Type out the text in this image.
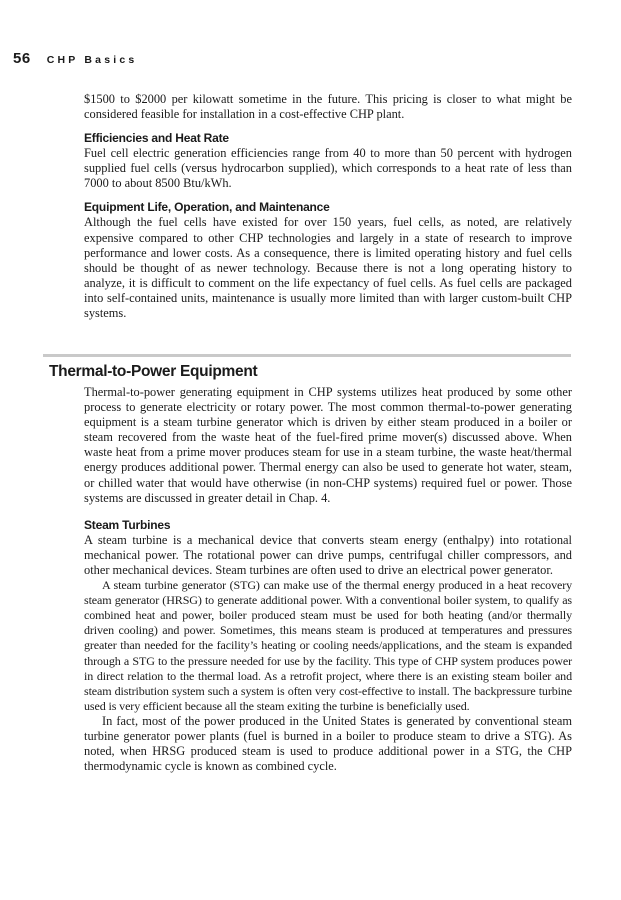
56 CHP Basics

$1500 to $2000 per kilowatt sometime in the future. This pricing is closer to what might be considered feasible for installation in a cost-effective CHP plant.

Efficiencies and Heat Rate

Fuel cell electric generation efficiencies range from 40 to more than 50 percent with hydrogen supplied fuel cells (versus hydrocarbon supplied), which corresponds to a heat rate of less than 7000 to about 8500 Btu/kWh.

Equipment Life, Operation, and Maintenance

Although the fuel cells have existed for over 150 years, fuel cells, as noted, are relatively expensive compared to other CHP technologies and largely in a state of research to improve performance and lower costs. As a consequence, there is limited operating history and fuel cells should be thought of as newer technology. Because there is not a long operating history to analyze, it is difficult to comment on the life expectancy of fuel cells. As fuel cells are packaged into self-contained units, maintenance is usually more limited than with larger custom-built CHP systems.

Thermal-to-Power Equipment

Thermal-to-power generating equipment in CHP systems utilizes heat produced by some other process to generate electricity or rotary power. The most common thermal-to-power generating equipment is a steam turbine generator which is driven by either steam produced in a boiler or steam recovered from the waste heat of the fuel-fired prime mover(s) discussed above. When waste heat from a prime mover produces steam for use in a steam turbine, the waste heat/thermal energy produces additional power. Thermal energy can also be used to generate hot water, steam, or chilled water that would have otherwise (in non-CHP systems) required fuel or power. Those systems are discussed in greater detail in Chap. 4.

Steam Turbines

A steam turbine is a mechanical device that converts steam energy (enthalpy) into rotational mechanical power. The rotational power can drive pumps, centrifugal chiller compressors, and other mechanical devices. Steam turbines are often used to drive an electrical power generator.

A steam turbine generator (STG) can make use of the thermal energy produced in a heat recovery steam generator (HRSG) to generate additional power. With a conventional boiler system, to qualify as combined heat and power, boiler produced steam must be used for both heating (and/or thermally driven cooling) and power. Sometimes, this means steam is produced at temperatures and pressures greater than needed for the facility’s heating or cooling needs/applications, and the steam is expanded through a STG to the pressure needed for use by the facility. This type of CHP system produces power in direct relation to the thermal load. As a retrofit project, where there is an existing steam boiler and steam distribution system such a system is often very cost-effective to install. The backpressure turbine used is very efficient because all the steam exiting the turbine is beneficially used.

In fact, most of the power produced in the United States is generated by conventional steam turbine generator power plants (fuel is burned in a boiler to produce steam to drive a STG). As noted, when HRSG produced steam is used to produce additional power in a STG, the CHP thermodynamic cycle is known as combined cycle.
